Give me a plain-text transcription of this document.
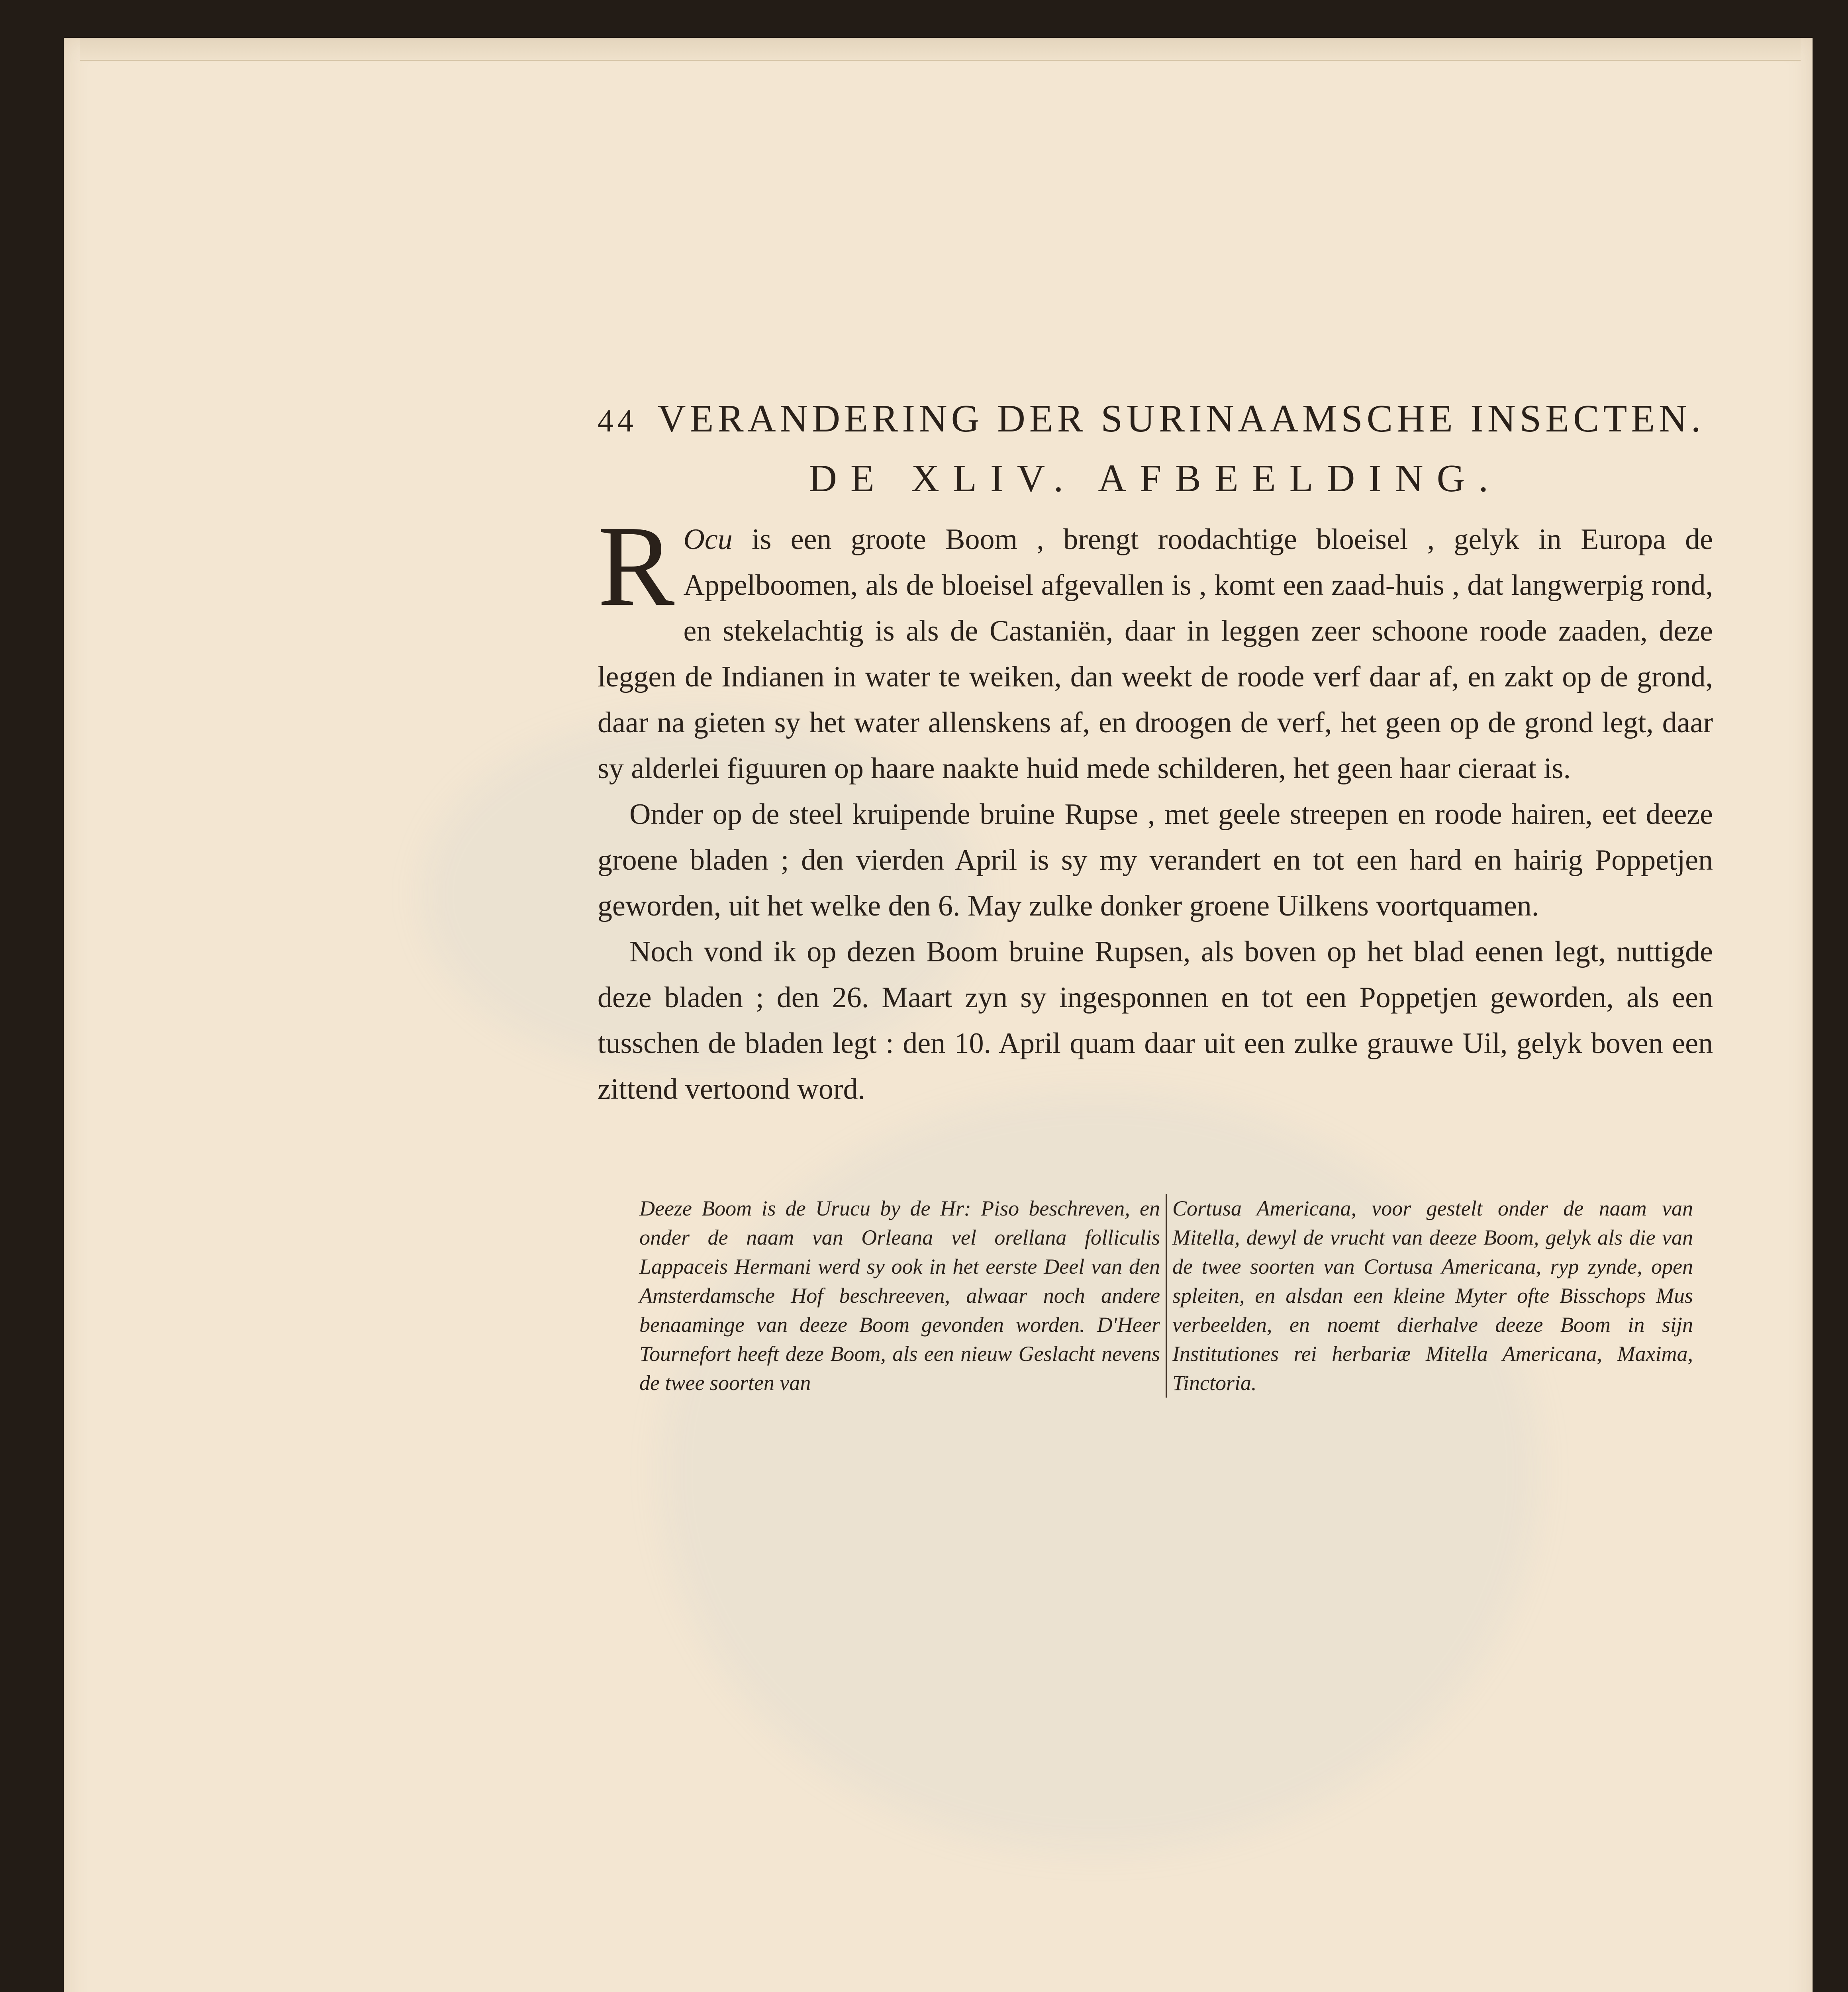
44 VERANDERING DER SURINAAMSCHE INSECTEN.
DE XLIV. AFBEELDING.

R Ocu is een groote Boom , brengt roodachtige bloeisel , gelyk in Europa de Appelboomen, als de bloeisel afgevallen is , komt een zaad-huis , dat langwerpig rond, en stekelachtig is als de Castaniën, daar in leggen zeer schoone roode zaaden, deze leggen de Indianen in water te weiken, dan weekt de roode verf daar af, en zakt op de grond, daar na gieten sy het water allenskens af, en droogen de verf, het geen op de grond legt, daar sy alderlei figuuren op haare naakte huid mede schilderen, het geen haar cieraat is.

Onder op de steel kruipende bruine Rupse , met geele streepen en roode hairen, eet deeze groene bladen ; den vierden April is sy my verandert en tot een hard en hairig Poppetjen geworden, uit het welke den 6. May zulke donker groene Uilkens voortquamen.

Noch vond ik op dezen Boom bruine Rupsen, als boven op het blad eenen legt, nuttigde deze bladen ; den 26. Maart zyn sy ingesponnen en tot een Poppetjen geworden, als een tusschen de bladen legt : den 10. April quam daar uit een zulke grauwe Uil, gelyk boven een zittend vertoond word.

Deeze Boom is de Urucu by de Hr: Piso beschreven, en onder de naam van Orleana vel orellana folliculis Lappaceis Hermani werd sy ook in het eerste Deel van den Amsterdamsche Hof beschreeven, alwaar noch andere benaaminge van deeze Boom gevonden worden. D'Heer Tournefort heeft deze Boom, als een nieuw Geslacht nevens de twee soorten van
Cortusa Americana, voor gestelt onder de naam van Mitella, dewyl de vrucht van deeze Boom, gelyk als die van de twee soorten van Cortusa Americana, ryp zynde, open spleiten, en alsdan een kleine Myter ofte Bisschops Mus verbeelden, en noemt dierhalve deeze Boom in sijn Institutiones rei herbariæ Mitella Americana, Maxima, Tinctoria.
